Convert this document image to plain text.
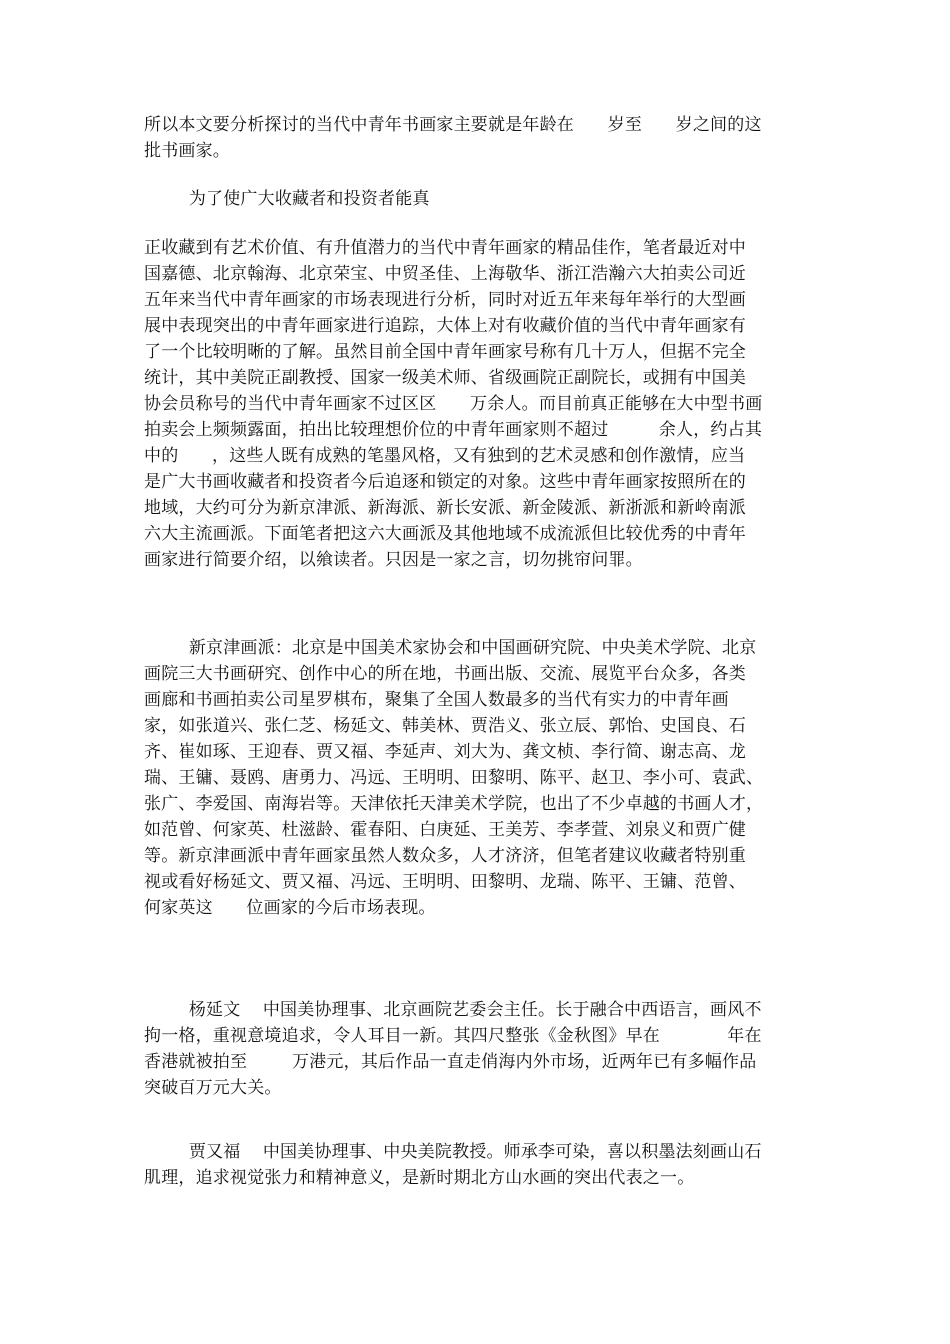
所以本文要分析探讨的当代中青年书画家主要就是年龄在      岁至      岁之间的这
批书画家。
为了使广大收藏者和投资者能真
正收藏到有艺术价值、有升值潜力的当代中青年画家的精品佳作，笔者最近对中
国嘉德、北京翰海、北京荣宝、中贸圣佳、上海敬华、浙江浩瀚六大拍卖公司近
五年来当代中青年画家的市场表现进行分析，同时对近五年来每年举行的大型画
展中表现突出的中青年画家进行追踪，大体上对有收藏价值的当代中青年画家有
了一个比较明晰的了解。虽然目前全国中青年画家号称有几十万人，但据不完全
统计，其中美院正副教授、国家一级美术师、省级画院正副院长，或拥有中国美
协会员称号的当代中青年画家不过区区      万余人。而目前真正能够在大中型书画
拍卖会上频频露面，拍出比较理想价位的中青年画家则不超过         余人，约占其
中的      ，这些人既有成熟的笔墨风格，又有独到的艺术灵感和创作激情，应当
是广大书画收藏者和投资者今后追逐和锁定的对象。这些中青年画家按照所在的
地域，大约可分为新京津派、新海派、新长安派、新金陵派、新浙派和新岭南派
六大主流画派。下面笔者把这六大画派及其他地域不成流派但比较优秀的中青年
画家进行简要介绍，以飨读者。只因是一家之言，切勿挑帘问罪。
新京津画派：北京是中国美术家协会和中国画研究院、中央美术学院、北京
画院三大书画研究、创作中心的所在地，书画出版、交流、展览平台众多，各类
画廊和书画拍卖公司星罗棋布，聚集了全国人数最多的当代有实力的中青年画
家，如张道兴、张仁芝、杨延文、韩美林、贾浩义、张立辰、郭怡、史国良、石
齐、崔如琢、王迎春、贾又福、李延声、刘大为、龚文桢、李行简、谢志高、龙
瑞、王镛、聂鸥、唐勇力、冯远、王明明、田黎明、陈平、赵卫、李小可、袁武、
张广、李爱国、南海岩等。天津依托天津美术学院，也出了不少卓越的书画人才，
如范曾、何家英、杜滋龄、霍春阳、白庚延、王美芳、李孝萱、刘泉义和贾广健
等。新京津画派中青年画家虽然人数众多，人才济济，但笔者建议收藏者特别重
视或看好杨延文、贾又福、冯远、王明明、田黎明、龙瑞、陈平、王镛、范曾、
何家英这      位画家的今后市场表现。
杨延文    中国美协理事、北京画院艺委会主任。长于融合中西语言，画风不
拘一格，重视意境追求，令人耳目一新。其四尺整张《金秋图》早在            年在
香港就被拍至        万港元，其后作品一直走俏海内外市场，近两年已有多幅作品
突破百万元大关。
贾又福    中国美协理事、中央美院教授。师承李可染，喜以积墨法刻画山石
肌理，追求视觉张力和精神意义，是新时期北方山水画的突出代表之一。
